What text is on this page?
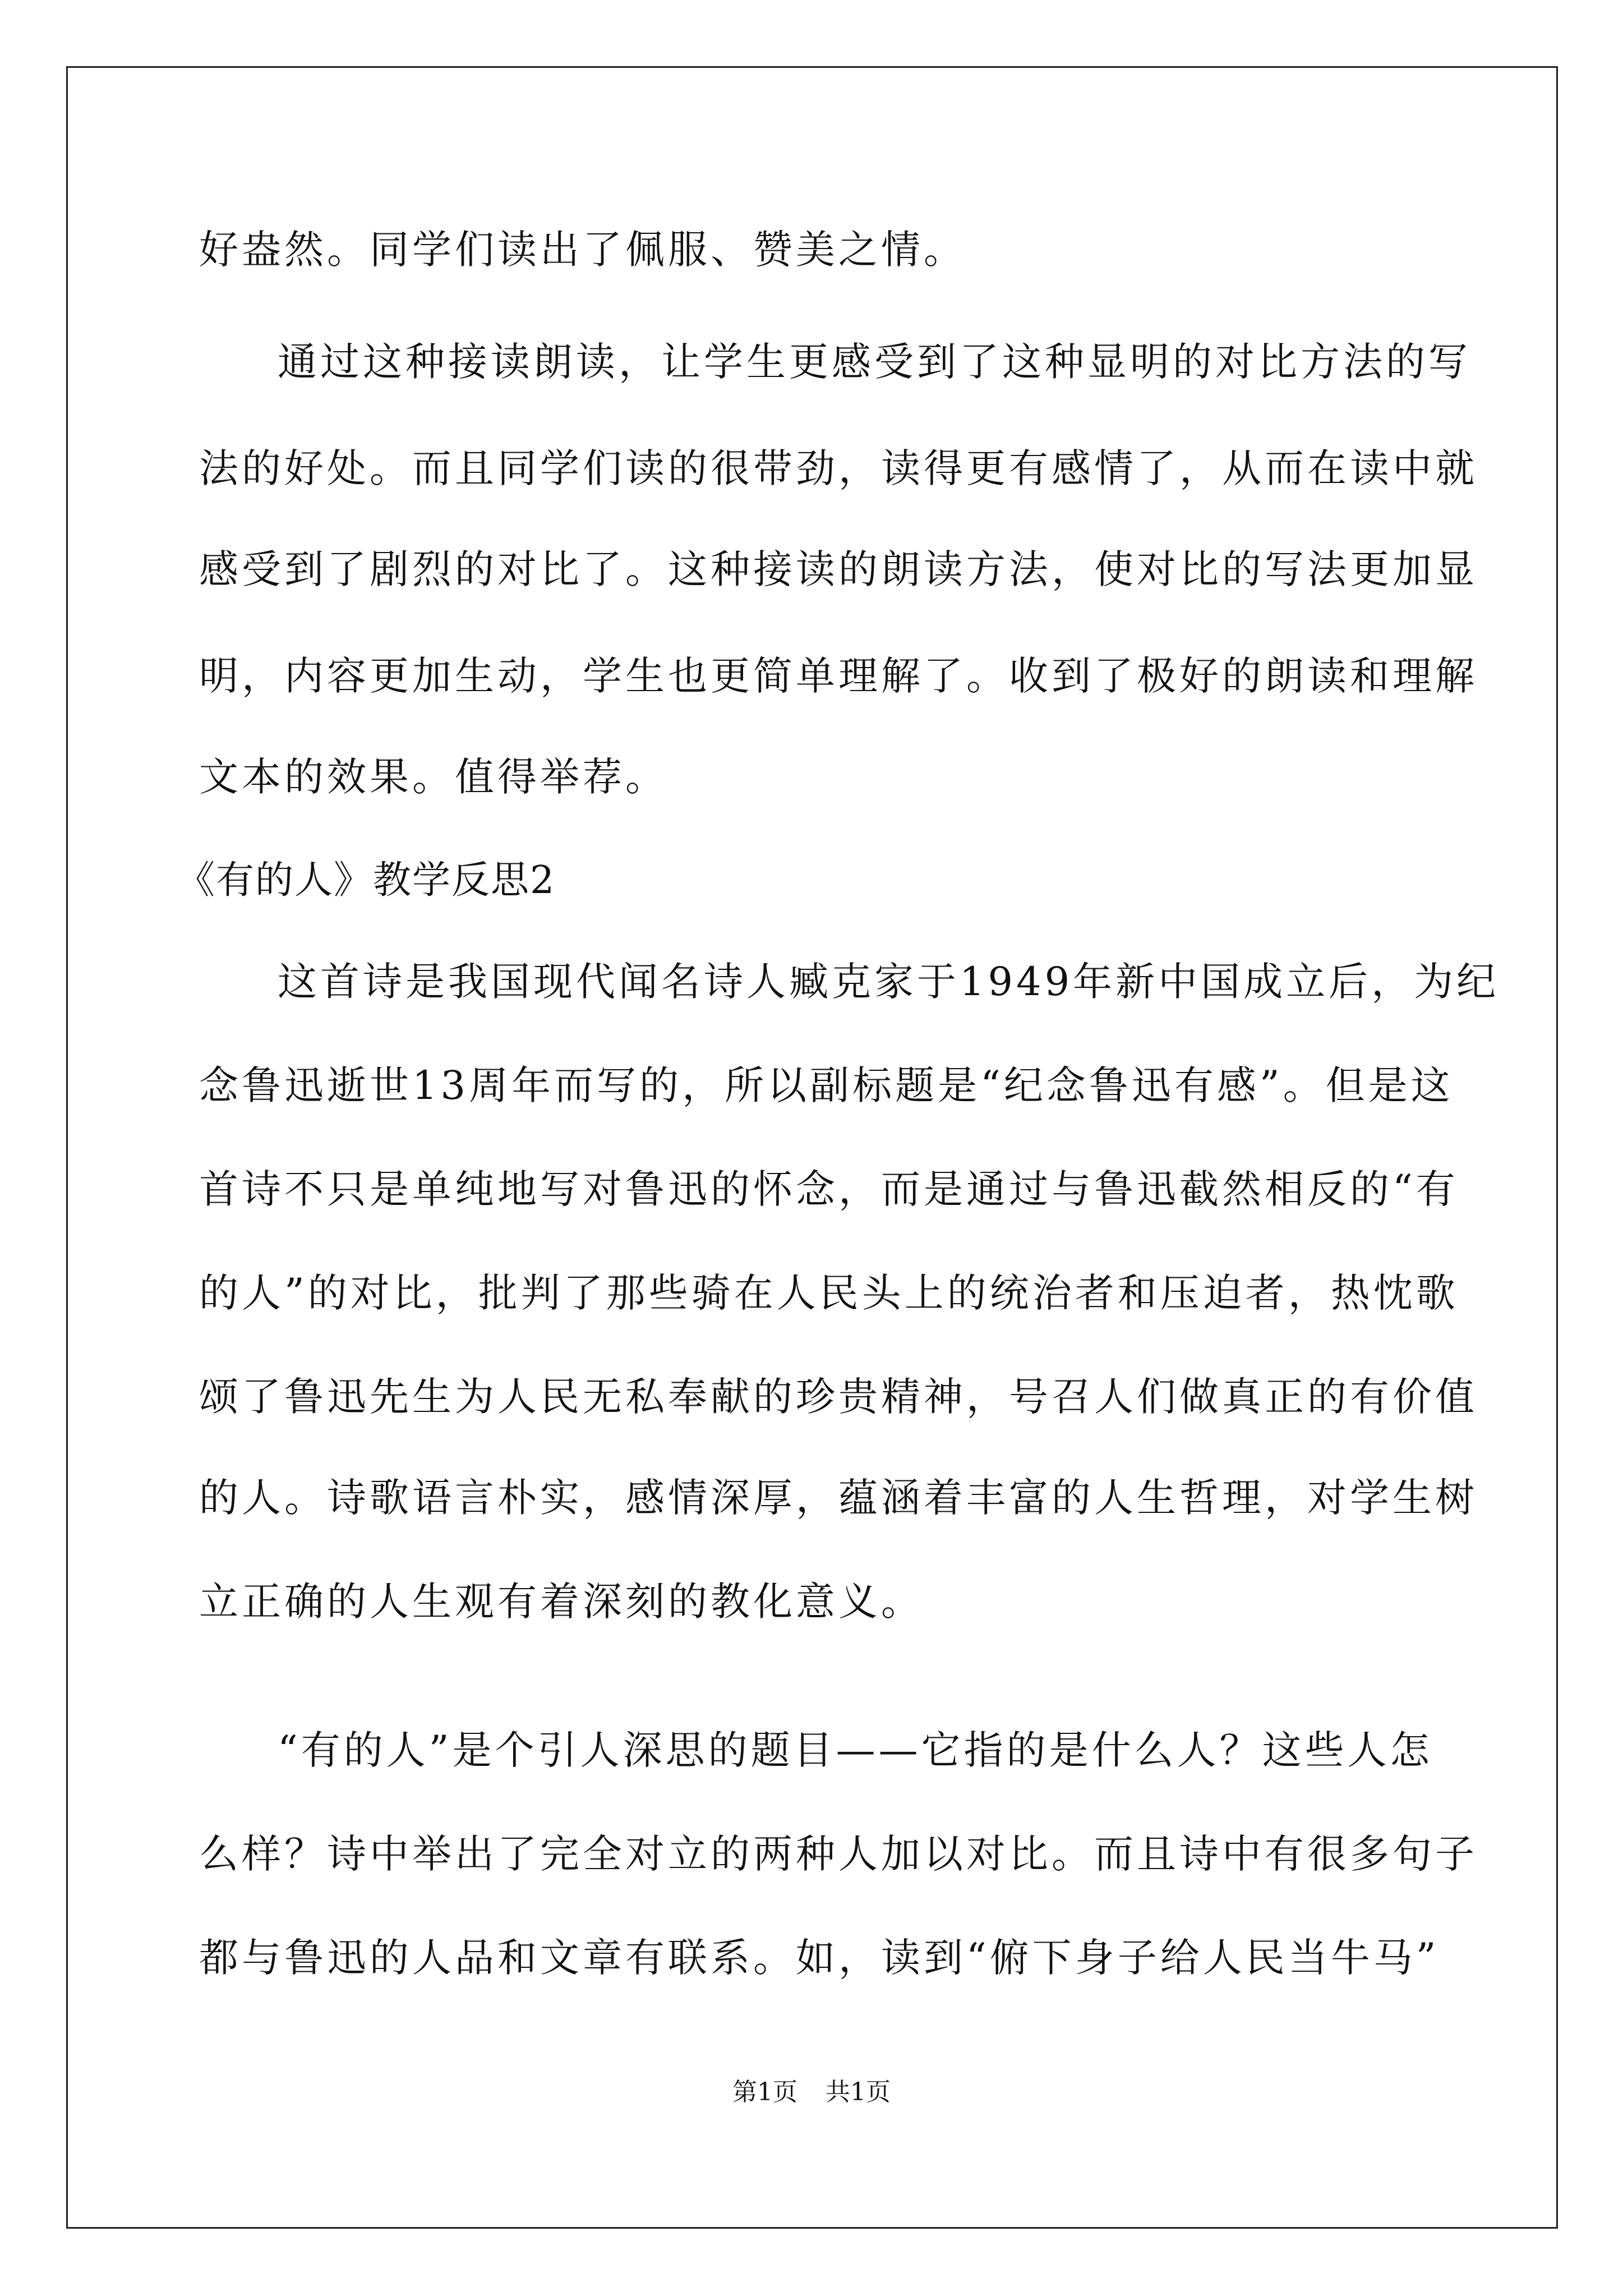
好盎然。同学们读出了佩服、赞美之情。
通过这种接读朗读，让学生更感受到了这种显明的对比方法的写
法的好处。而且同学们读的很带劲，读得更有感情了，从而在读中就
感受到了剧烈的对比了。这种接读的朗读方法，使对比的写法更加显
明，内容更加生动，学生也更简单理解了。收到了极好的朗读和理解
文本的效果。值得举荐。
《有的人》教学反思2
这首诗是我国现代闻名诗人臧克家于1949年新中国成立后，为纪
念鲁迅逝世13周年而写的，所以副标题是“纪念鲁迅有感”。但是这
首诗不只是单纯地写对鲁迅的怀念，而是通过与鲁迅截然相反的“有
的人”的对比，批判了那些骑在人民头上的统治者和压迫者，热忱歌
颂了鲁迅先生为人民无私奉献的珍贵精神，号召人们做真正的有价值
的人。诗歌语言朴实，感情深厚，蕴涵着丰富的人生哲理，对学生树
立正确的人生观有着深刻的教化意义。
“有的人”是个引人深思的题目——它指的是什么人？这些人怎
么样？诗中举出了完全对立的两种人加以对比。而且诗中有很多句子
都与鲁迅的人品和文章有联系。如，读到“俯下身子给人民当牛马”
第1页 共1页
